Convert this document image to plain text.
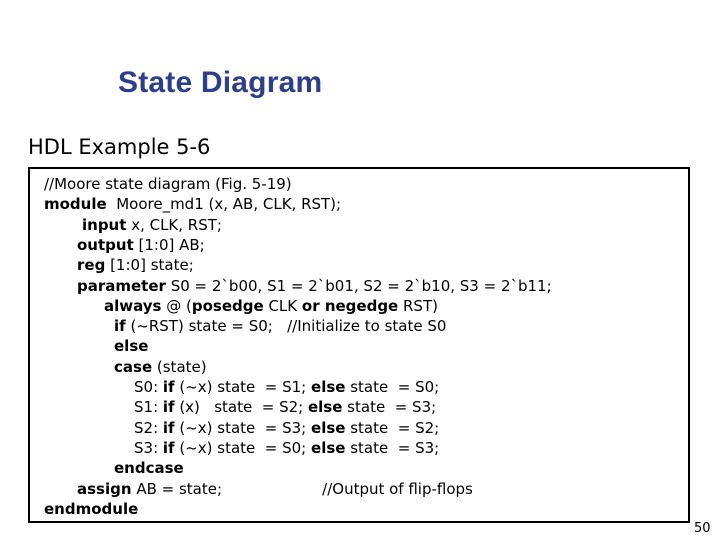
State Diagram

HDL Example 5-6

//Moore state diagram (Fig. 5-19)
module  Moore_md1 (x, AB, CLK, RST);
input x, CLK, RST;
output [1:0] AB;
reg [1:0] state;
parameter S0 = 2`b00, S1 = 2`b01, S2 = 2`b10, S3 = 2`b11;
always @ (posedge CLK or negedge RST)
if (~RST) state = S0;   //Initialize to state S0
else
case (state)
S0: if (~x) state  = S1; else state  = S0;
S1: if (x)   state  = S2; else state  = S3;
S2: if (~x) state  = S3; else state  = S2;
S3: if (~x) state  = S0; else state  = S3;
endcase
assign AB = state;                     //Output of flip-flops
endmodule
50
